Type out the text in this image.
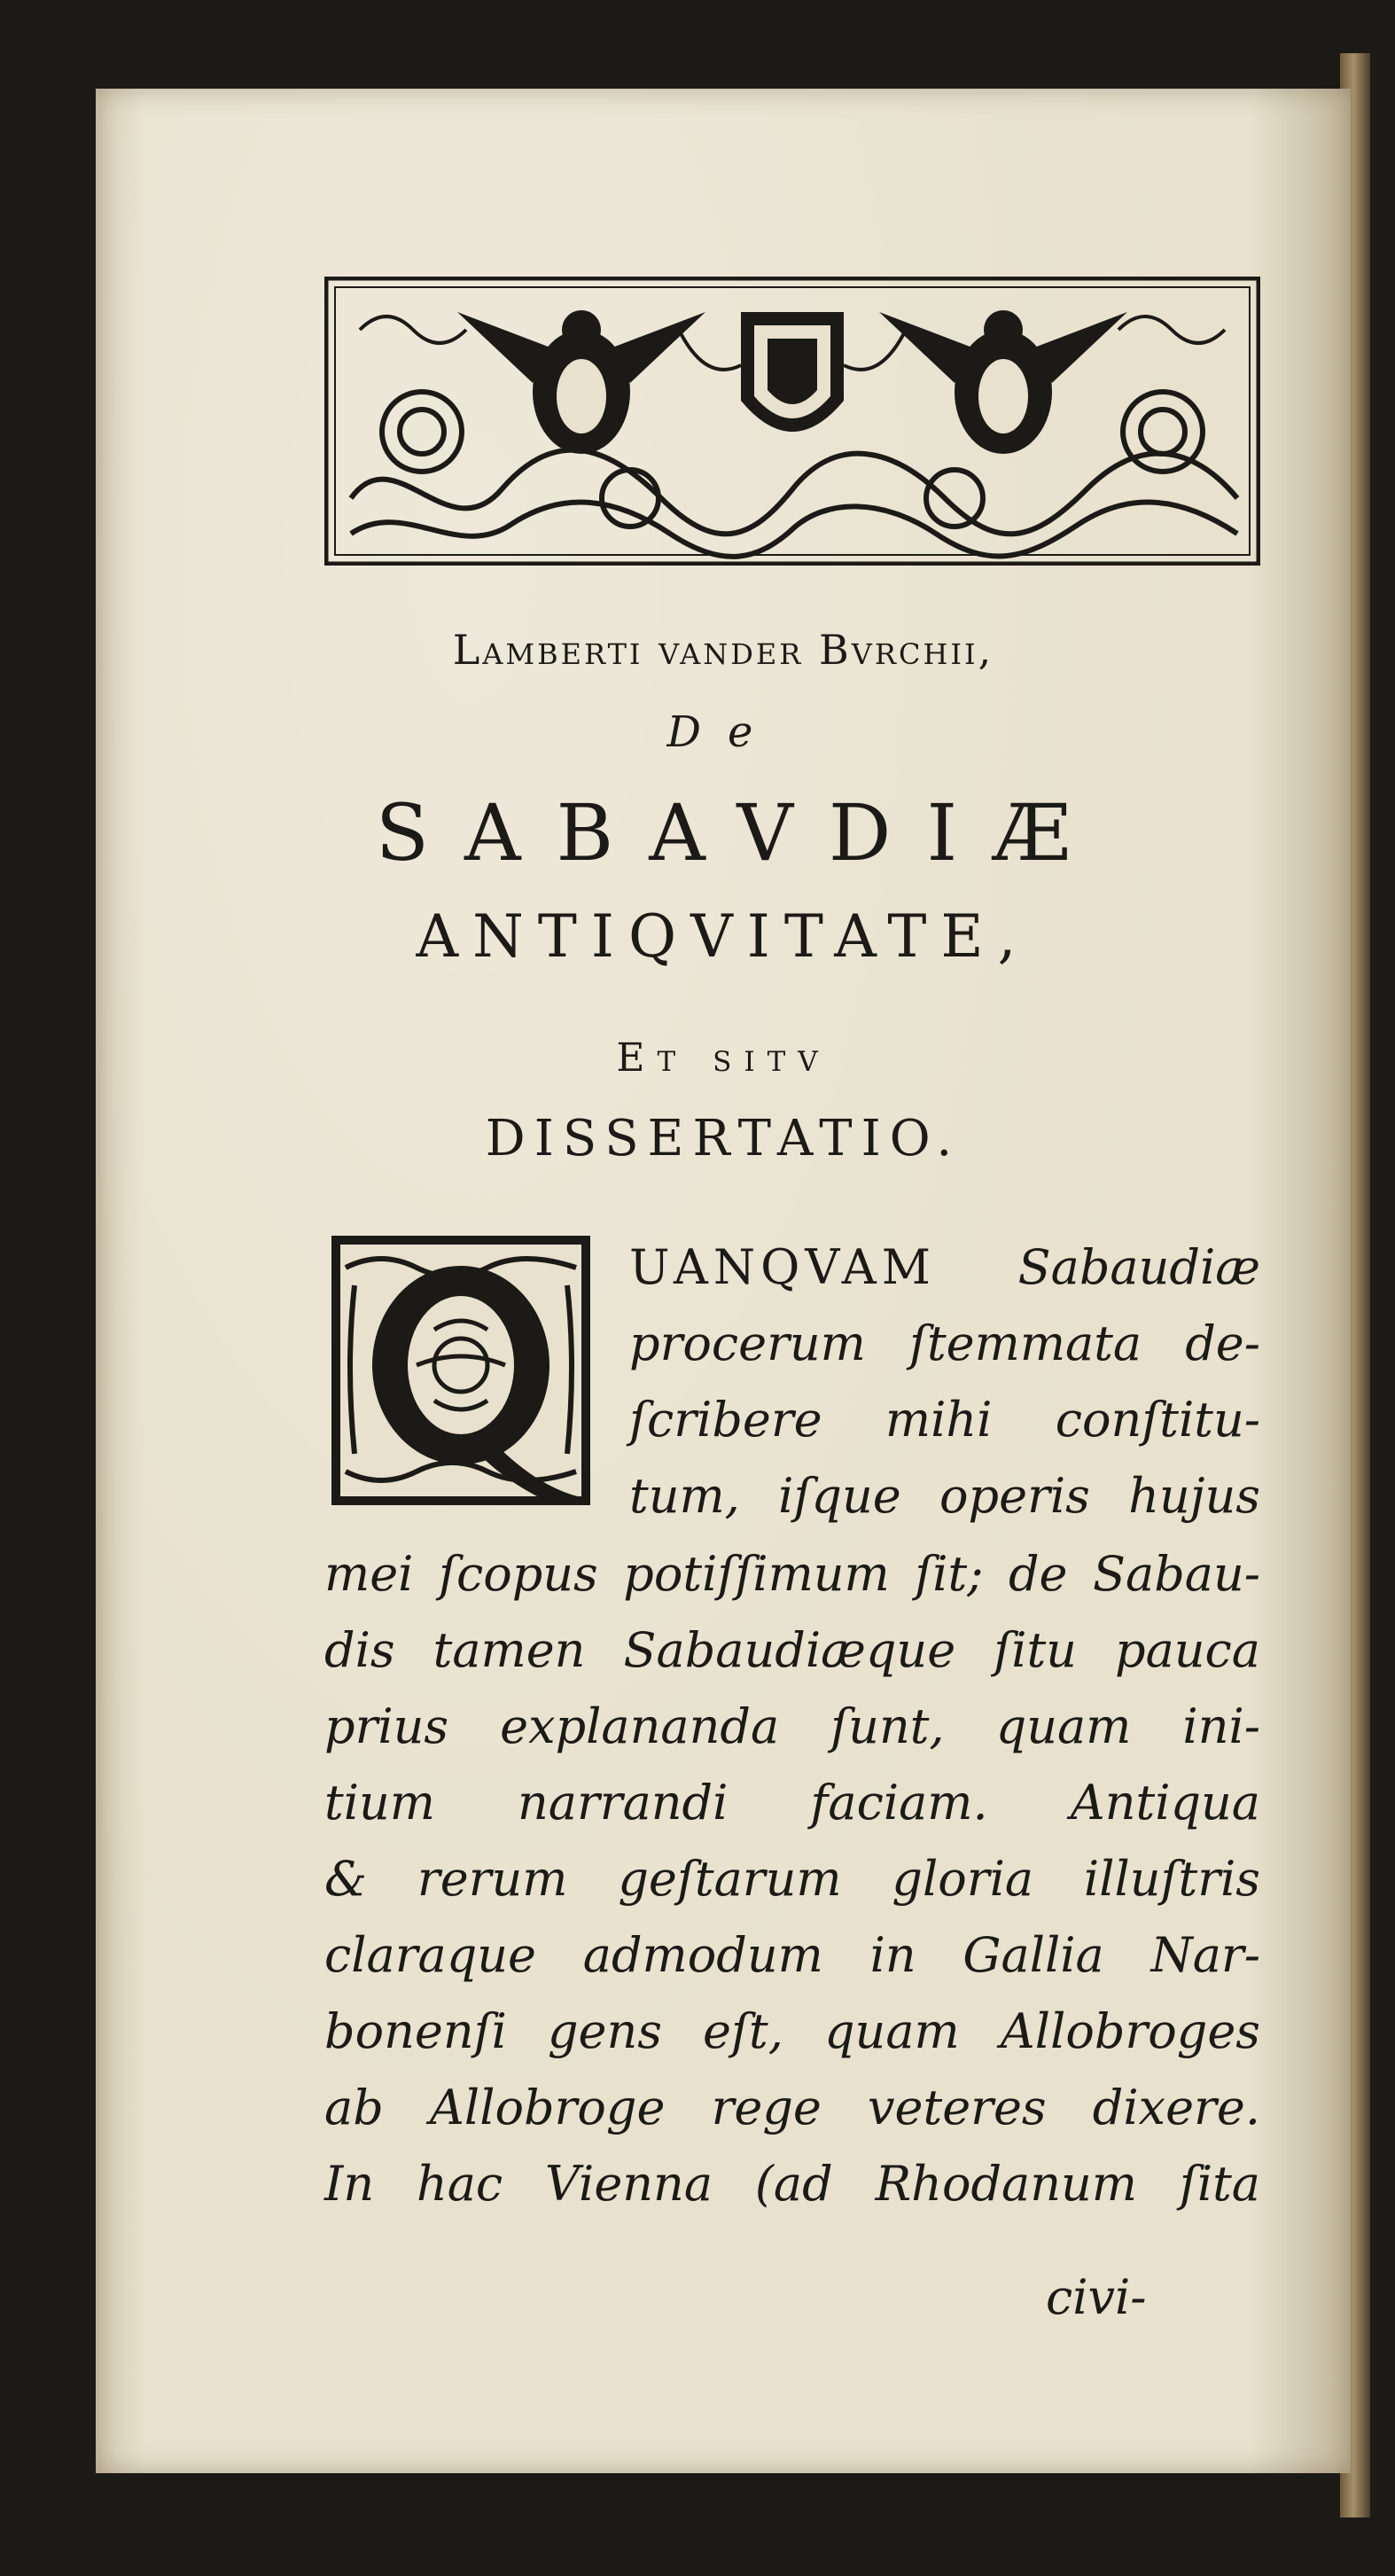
Lamberti vander Bvrchii,
De
SABAVDIÆ
ANTIQVITATE,
Et sitv
DISSERTATIO.
UANQVAM Sabaudiæ
procerum ſtemmata de-
ſcribere mihi conſtitu-
tum, iſque operis hujus
mei ſcopus potiſſimum ſit; de Sabau-
dis tamen Sabaudiæque ſitu pauca
prius explananda ſunt, quam ini-
tium narrandi faciam. Antiqua
& rerum geſtarum gloria illuſtris
claraque admodum in Gallia Nar-
bonenſi gens eſt, quam Allobroges
ab Allobroge rege veteres dixere.
In hac Vienna (ad Rhodanum ſita
civi-
